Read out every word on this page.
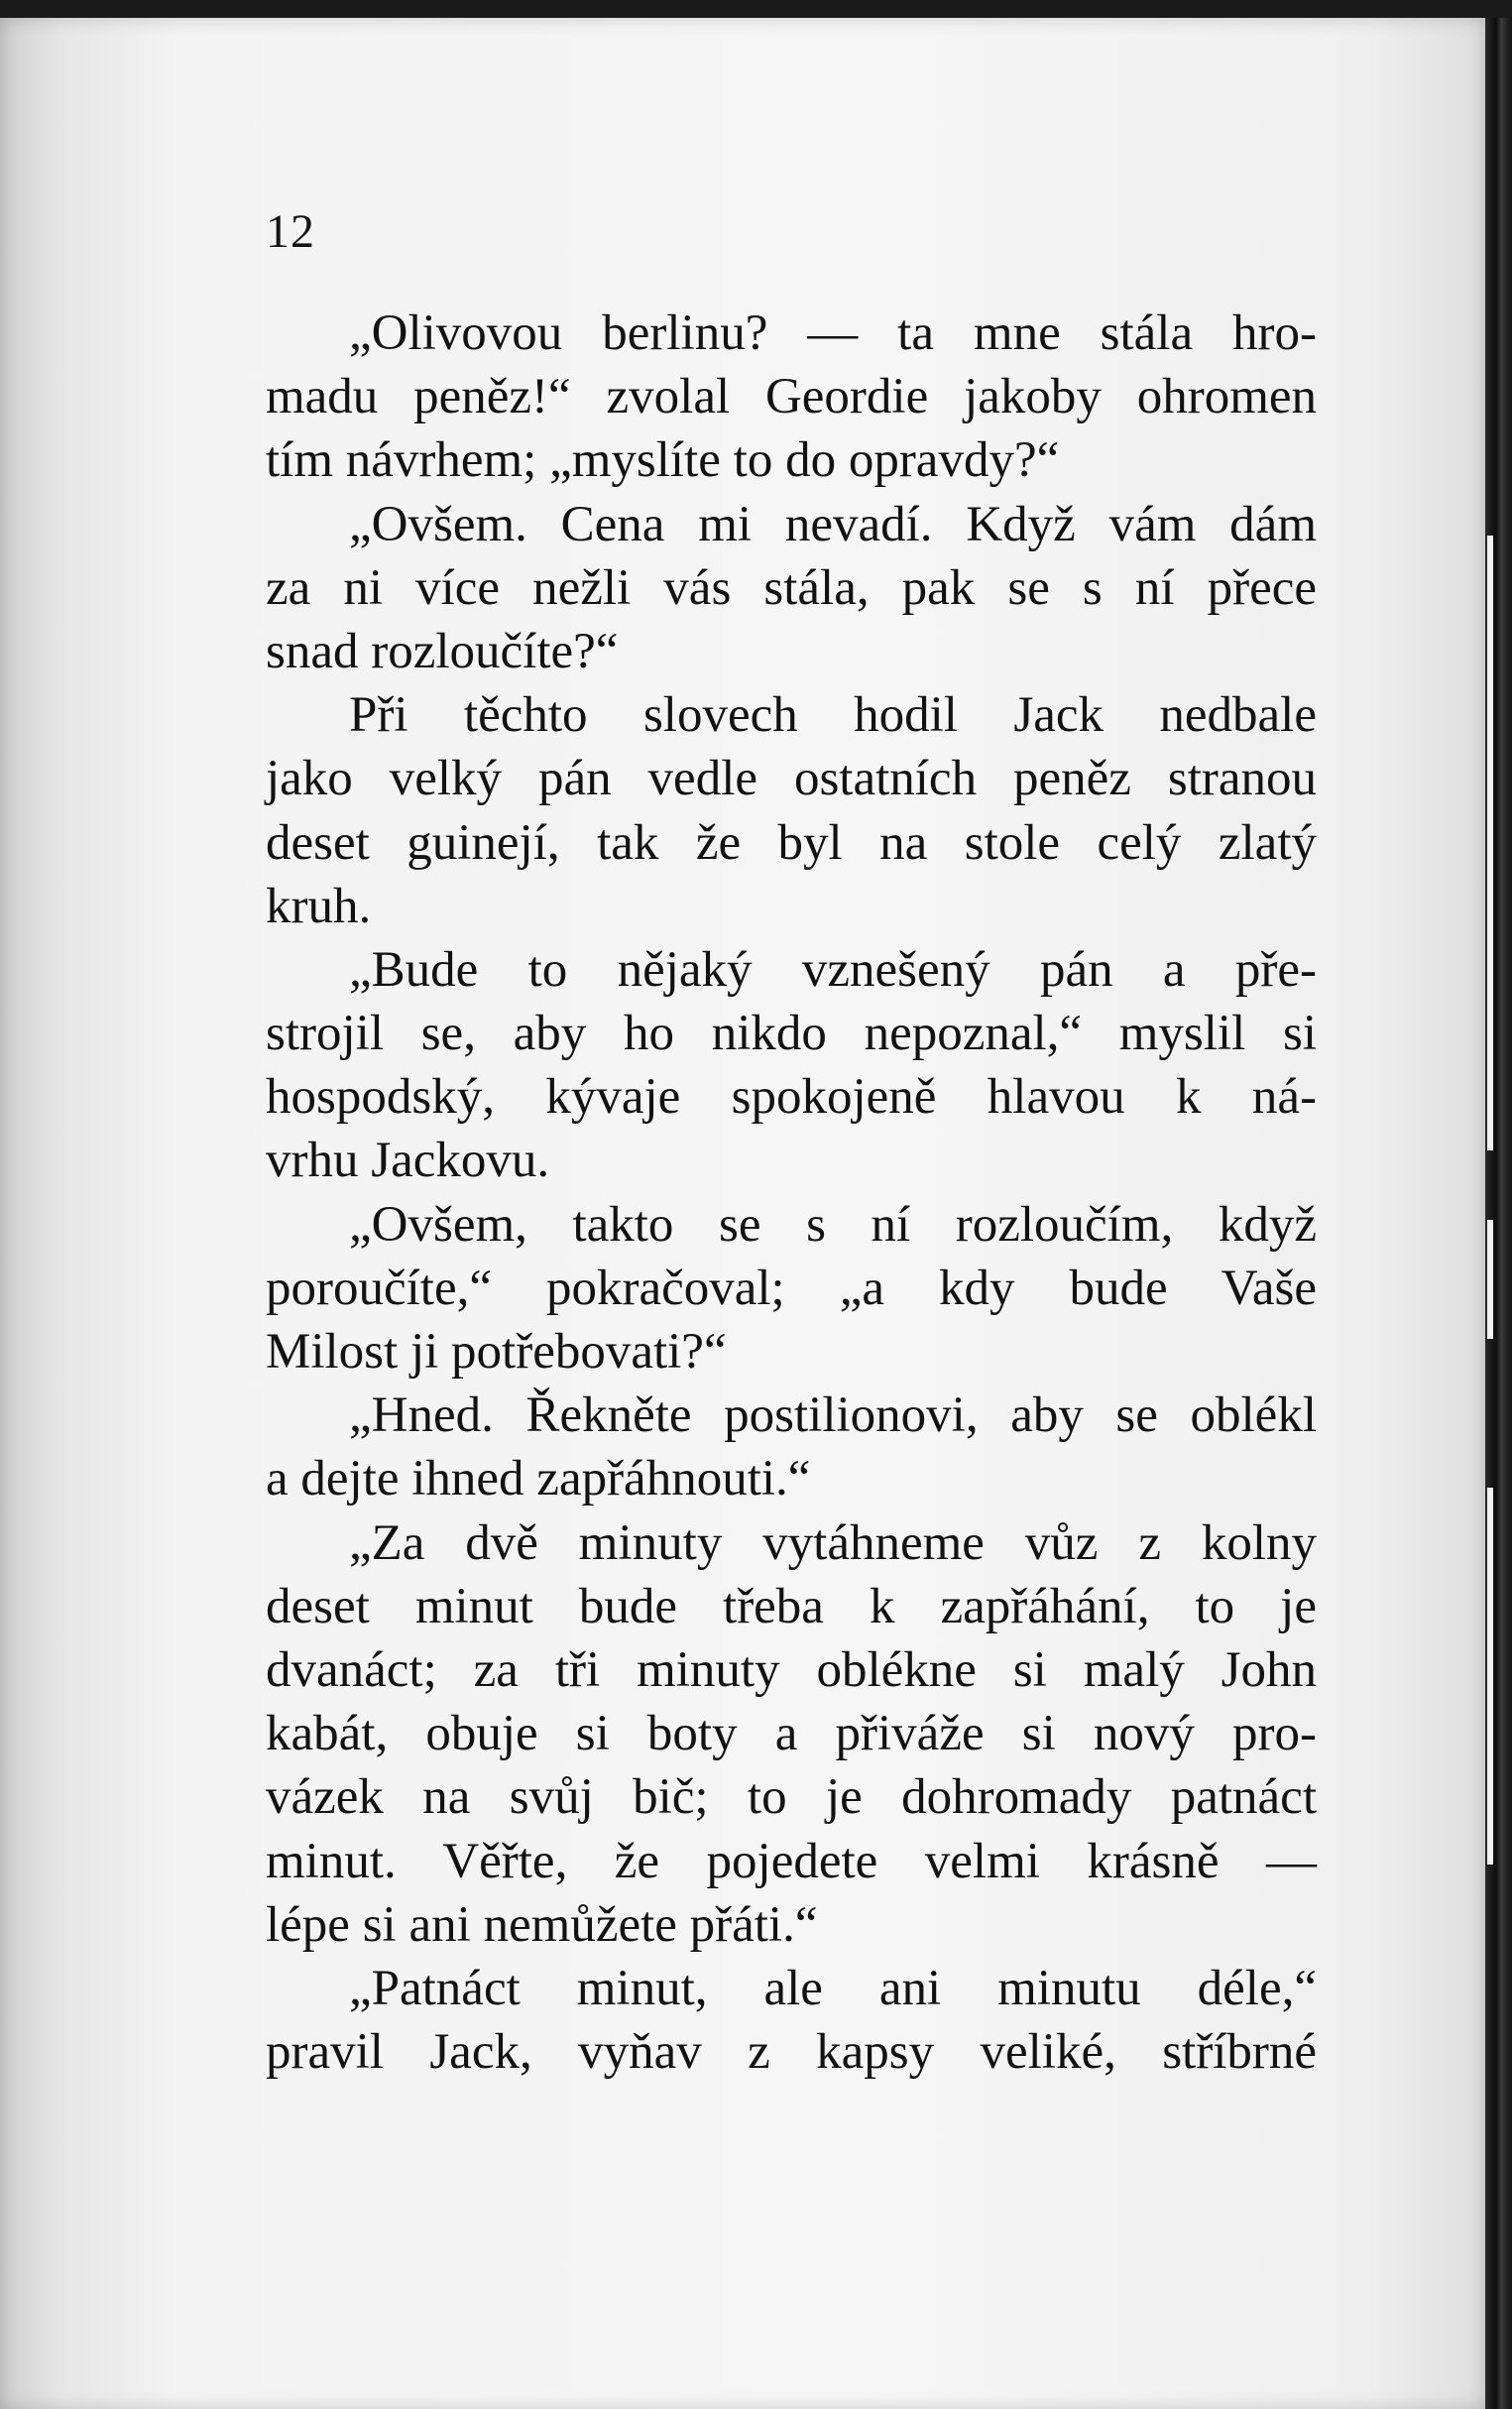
12
„Olivovou berlinu? — ta mne stála hro-
madu peněz!“ zvolal Geordie jakoby ohromen
tím návrhem; „myslíte to do opravdy?“
„Ovšem. Cena mi nevadí. Když vám dám
za ni více nežli vás stála, pak se s ní přece
snad rozloučíte?“
Při těchto slovech hodil Jack nedbale
jako velký pán vedle ostatních peněz stranou
deset guinejí, tak že byl na stole celý zlatý
kruh.
„Bude to nějaký vznešený pán a pře-
strojil se, aby ho nikdo nepoznal,“ myslil si
hospodský, kývaje spokojeně hlavou k ná-
vrhu Jackovu.
„Ovšem, takto se s ní rozloučím, když
poroučíte,“ pokračoval; „a kdy bude Vaše
Milost ji potřebovati?“
„Hned. Řekněte postilionovi, aby se oblékl
a dejte ihned zapřáhnouti.“
„Za dvě minuty vytáhneme vůz z kolny
deset minut bude třeba k zapřáhání, to je
dvanáct; za tři minuty oblékne si malý John
kabát, obuje si boty a přiváže si nový pro-
vázek na svůj bič; to je dohromady patnáct
minut. Věřte, že pojedete velmi krásně —
lépe si ani nemůžete přáti.“
„Patnáct minut, ale ani minutu déle,“
pravil Jack, vyňav z kapsy veliké, stříbrné
